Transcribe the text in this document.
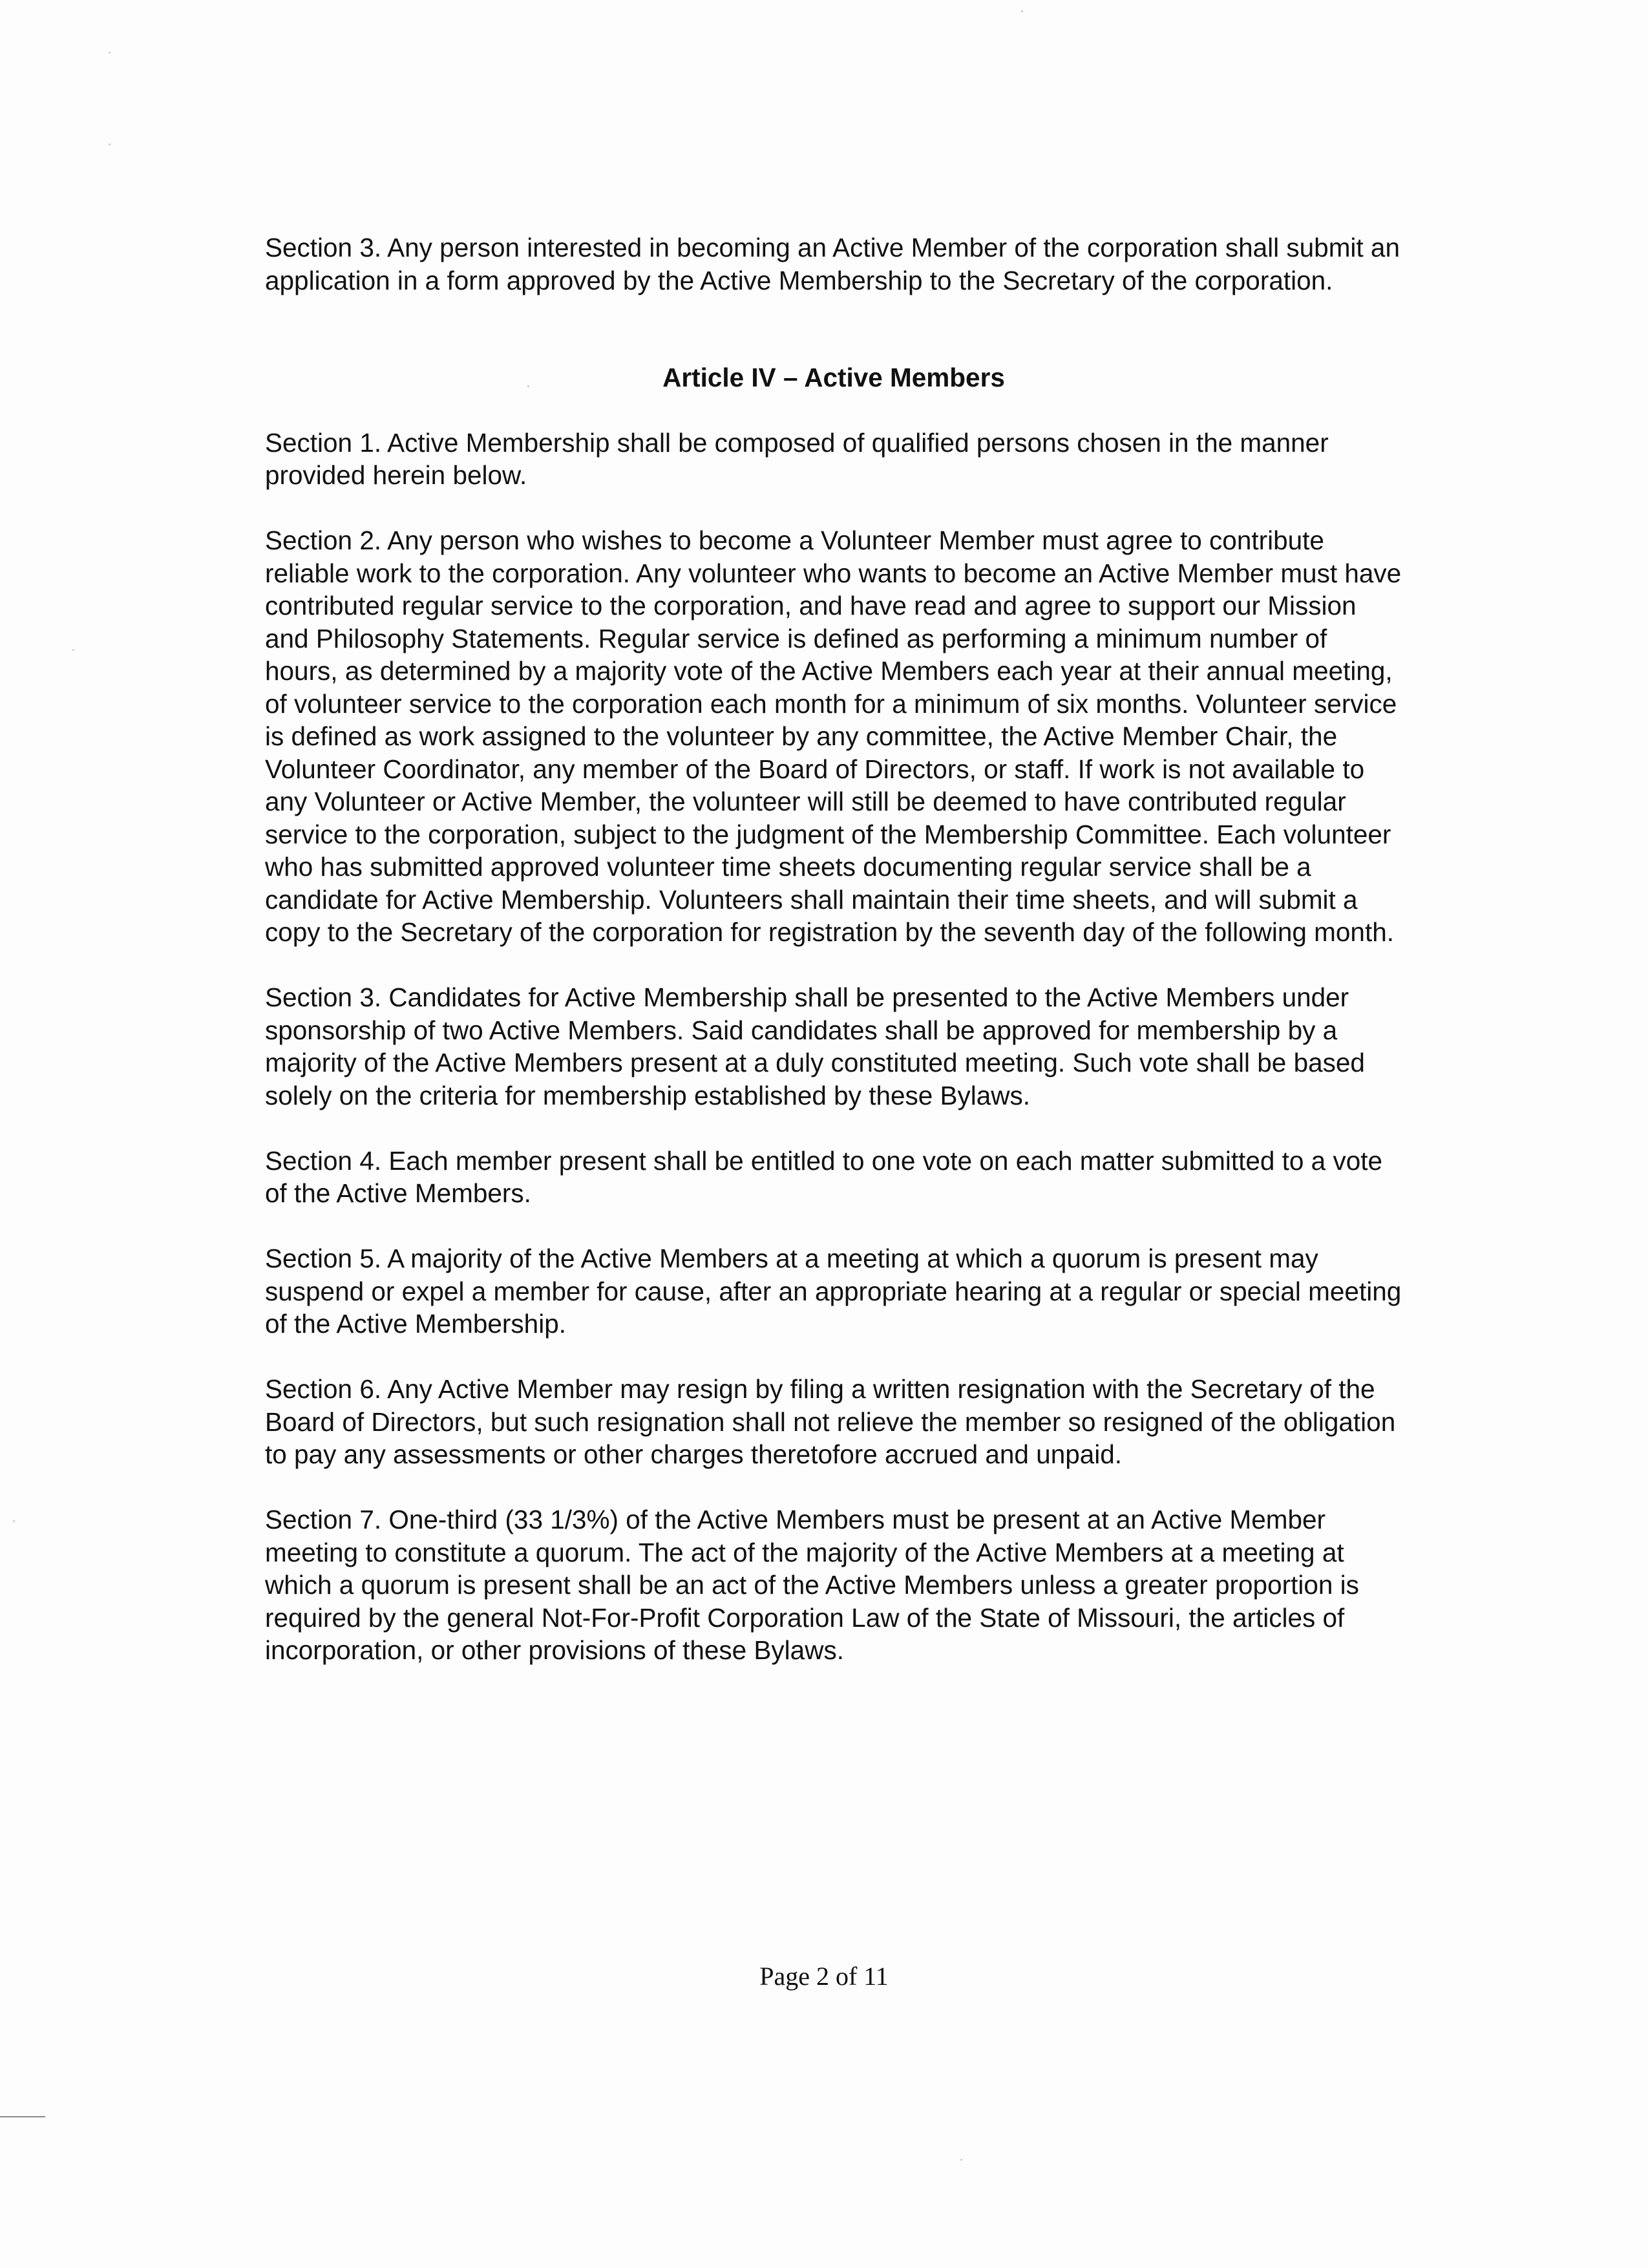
Section 3. Any person interested in becoming an Active Member of the corporation shall submit an application in a form approved by the Active Membership to the Secretary of the corporation.

Article IV – Active Members

Section 1. Active Membership shall be composed of qualified persons chosen in the manner provided herein below.

Section 2. Any person who wishes to become a Volunteer Member must agree to contribute reliable work to the corporation. Any volunteer who wants to become an Active Member must have contributed regular service to the corporation, and have read and agree to support our Mission and Philosophy Statements. Regular service is defined as performing a minimum number of hours, as determined by a majority vote of the Active Members each year at their annual meeting, of volunteer service to the corporation each month for a minimum of six months. Volunteer service is defined as work assigned to the volunteer by any committee, the Active Member Chair, the Volunteer Coordinator, any member of the Board of Directors, or staff. If work is not available to any Volunteer or Active Member, the volunteer will still be deemed to have contributed regular service to the corporation, subject to the judgment of the Membership Committee. Each volunteer who has submitted approved volunteer time sheets documenting regular service shall be a candidate for Active Membership. Volunteers shall maintain their time sheets, and will submit a copy to the Secretary of the corporation for registration by the seventh day of the following month.

Section 3. Candidates for Active Membership shall be presented to the Active Members under sponsorship of two Active Members. Said candidates shall be approved for membership by a majority of the Active Members present at a duly constituted meeting. Such vote shall be based solely on the criteria for membership established by these Bylaws.

Section 4. Each member present shall be entitled to one vote on each matter submitted to a vote of the Active Members.

Section 5. A majority of the Active Members at a meeting at which a quorum is present may suspend or expel a member for cause, after an appropriate hearing at a regular or special meeting of the Active Membership.

Section 6. Any Active Member may resign by filing a written resignation with the Secretary of the Board of Directors, but such resignation shall not relieve the member so resigned of the obligation to pay any assessments or other charges theretofore accrued and unpaid.

Section 7. One-third (33 1/3%) of the Active Members must be present at an Active Member meeting to constitute a quorum. The act of the majority of the Active Members at a meeting at which a quorum is present shall be an act of the Active Members unless a greater proportion is required by the general Not-For-Profit Corporation Law of the State of Missouri, the articles of incorporation, or other provisions of these Bylaws.

Page 2 of 11
